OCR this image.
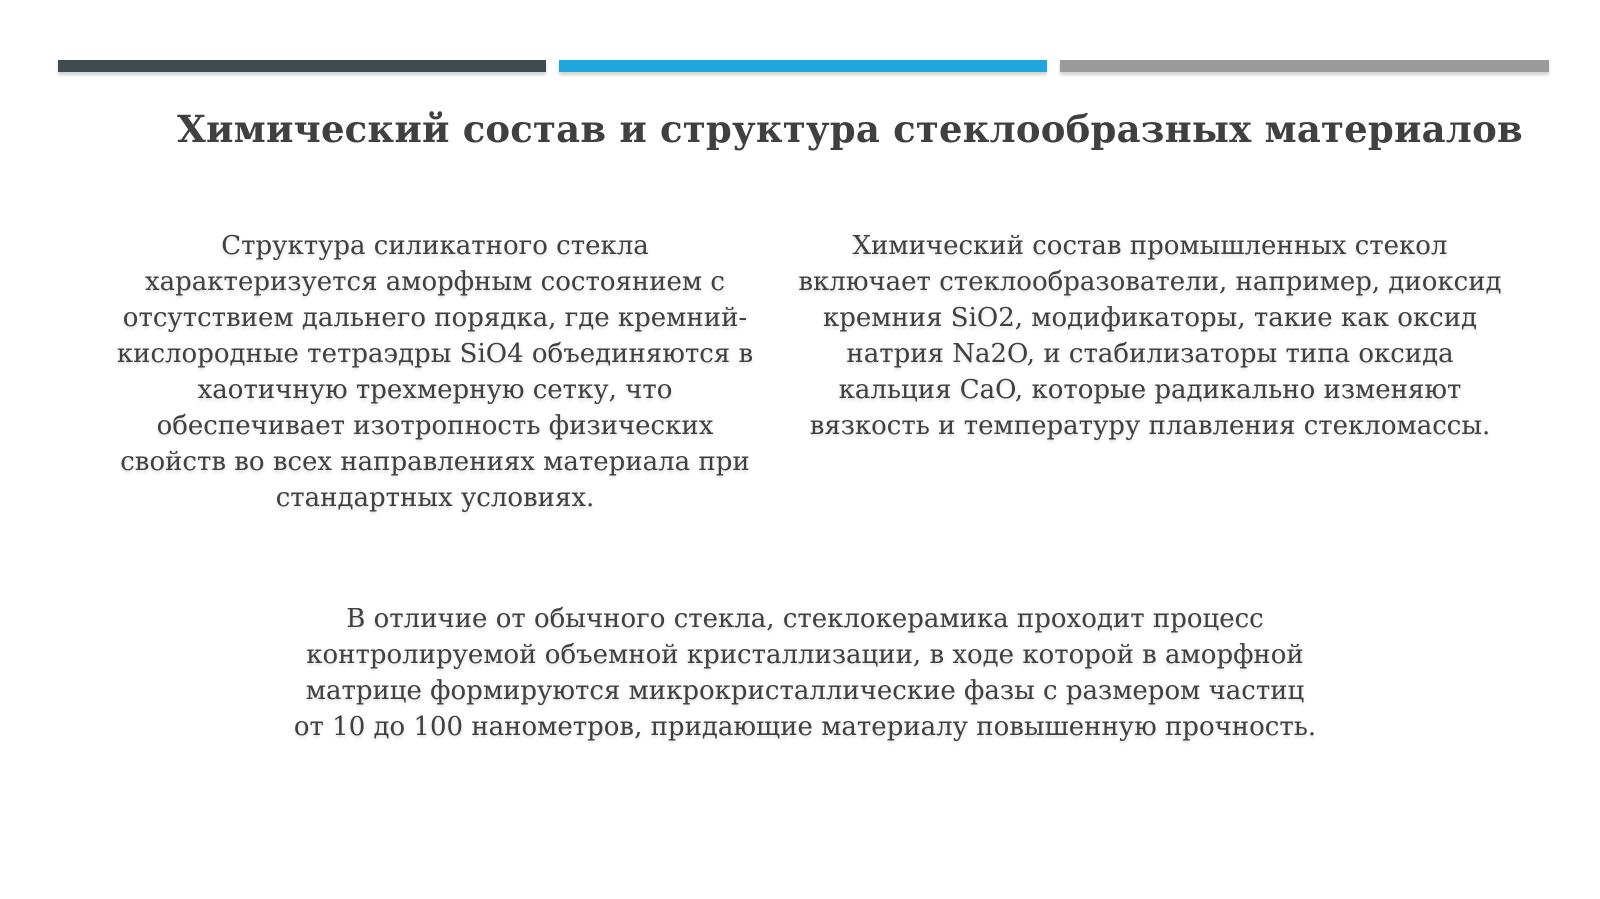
Химический состав и структура стеклообразных материалов
Структура силикатного стекла характеризуется аморфным состоянием с отсутствием дальнего порядка, где кремний-кислородные тетраэдры SiO4 объединяются в хаотичную трехмерную сетку, что обеспечивает изотропность физических свойств во всех направлениях материала при стандартных условиях.
Химический состав промышленных стекол включает стеклообразователи, например, диоксид кремния SiO2, модификаторы, такие как оксид натрия Na2O, и стабилизаторы типа оксида кальция CaO, которые радикально изменяют вязкость и температуру плавления стекломассы.
В отличие от обычного стекла, стеклокерамика проходит процесс контролируемой объемной кристаллизации, в ходе которой в аморфной матрице формируются микрокристаллические фазы с размером частиц от 10 до 100 нанометров, придающие материалу повышенную прочность.
